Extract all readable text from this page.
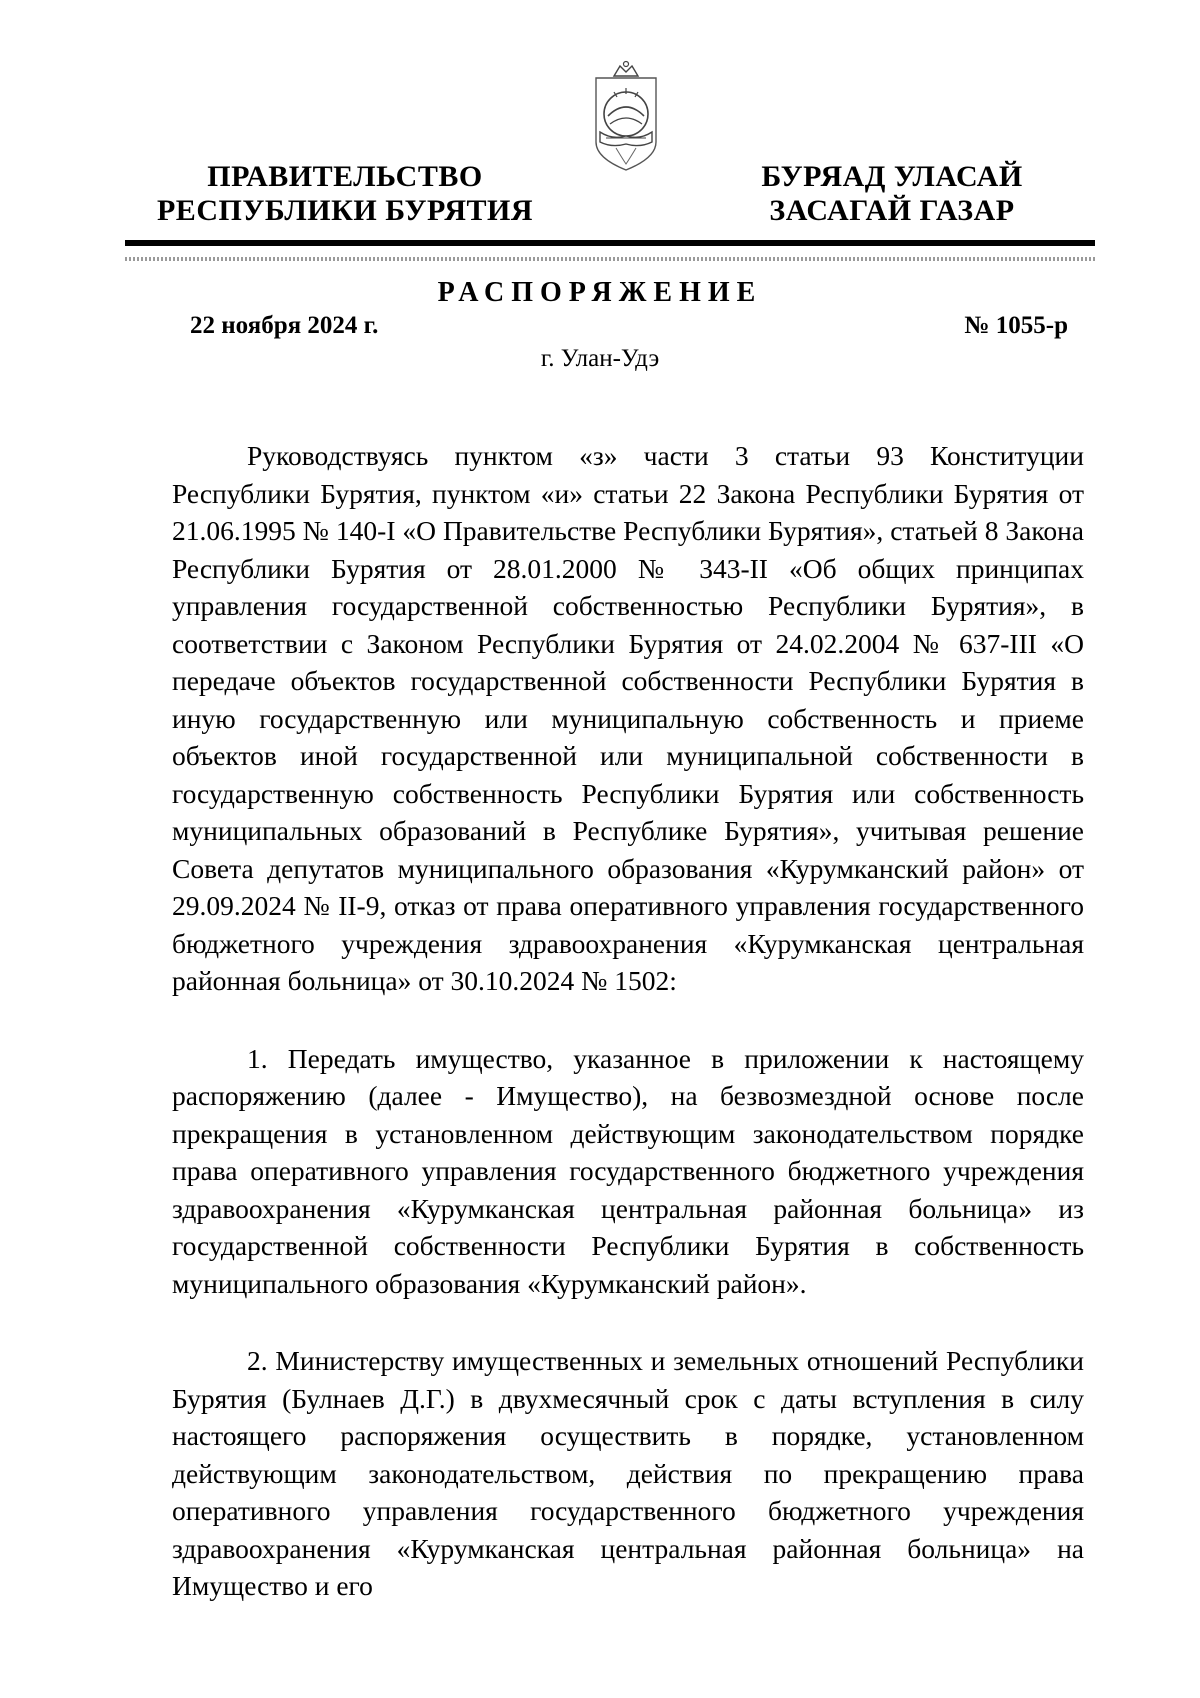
ПРАВИТЕЛЬСТВО
РЕСПУБЛИКИ БУРЯТИЯ
БУРЯАД УЛАСАЙ
ЗАСАГАЙ ГАЗАР
РАСПОРЯЖЕНИЕ
22 ноября 2024 г.	№ 1055-р
г. Улан-Удэ

Руководствуясь пунктом «з» части 3 статьи 93 Конституции Республики Бурятия, пунктом «и» статьи 22 Закона Республики Бурятия от 21.06.1995 № 140-I «О Правительстве Республики Бурятия», статьей 8 Закона Республики Бурятия от 28.01.2000 № 343-II «Об общих принципах управления государственной собственностью Республики Бурятия», в соответствии с Законом Республики Бурятия от 24.02.2004 № 637-III «О передаче объектов государственной собственности Республики Бурятия в иную государственную или муниципальную собственность и приеме объектов иной государственной или муниципальной собственности в государственную собственность Республики Бурятия или собственность муниципальных образований в Республике Бурятия», учитывая решение Совета депутатов муниципального образования «Курумканский район» от 29.09.2024 № II-9, отказ от права оперативного управления государственного бюджетного учреждения здравоохранения «Курумканская центральная районная больница» от 30.10.2024 № 1502:

1. Передать имущество, указанное в приложении к настоящему распоряжению (далее - Имущество), на безвозмездной основе после прекращения в установленном действующим законодательством порядке права оперативного управления государственного бюджетного учреждения здравоохранения «Курумканская центральная районная больница» из государственной собственности Республики Бурятия в собственность муниципального образования «Курумканский район».

2. Министерству имущественных и земельных отношений Республики Бурятия (Булнаев Д.Г.) в двухмесячный срок с даты вступления в силу настоящего распоряжения осуществить в порядке, установленном действующим законодательством, действия по прекращению права оперативного управления государственного бюджетного учреждения здравоохранения «Курумканская центральная районная больница» на Имущество и его
